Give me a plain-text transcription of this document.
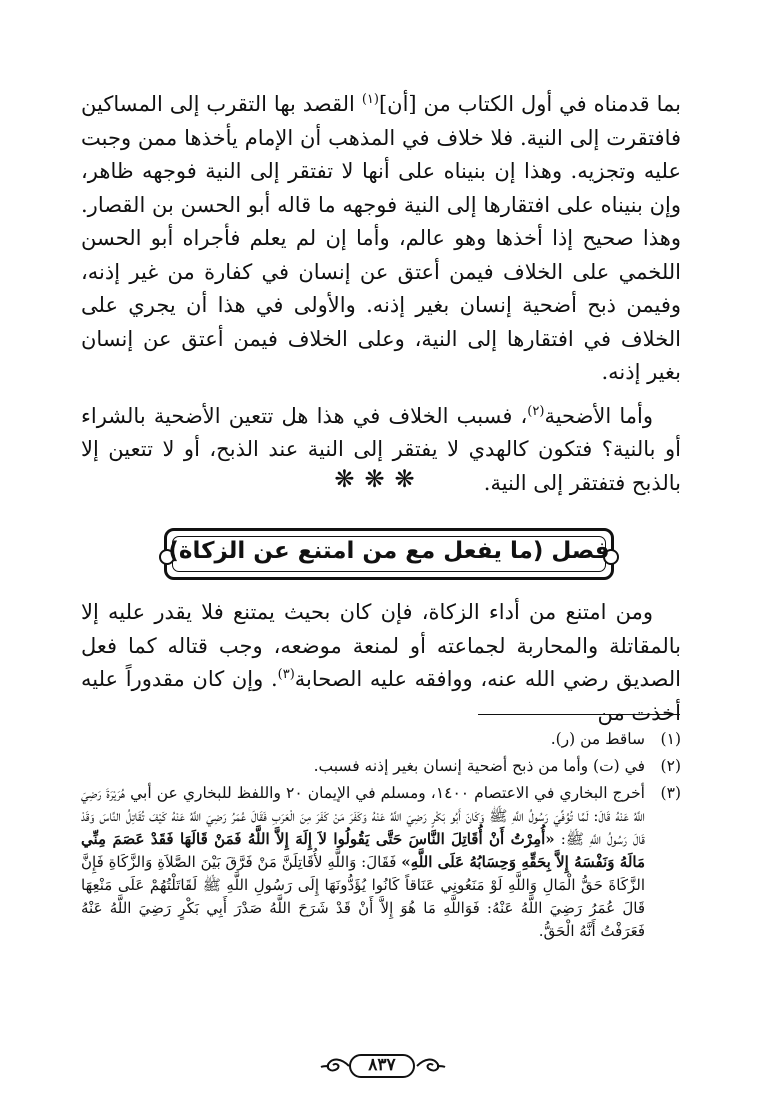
بما قدمناه في أول الكتاب من [أن]$^{(١)}$ القصد بها التقرب إلى المساكين فافتقرت إلى النية. فلا خلاف في المذهب أن الإمام يأخذها ممن وجبت عليه وتجزيه. وهذا إن بنيناه على أنها لا تفتقر إلى النية فوجهه ظاهر، وإن بنيناه على افتقارها إلى النية فوجهه ما قاله أبو الحسن بن القصار. وهذا صحيح إذا أخذها وهو عالم، وأما إن لم يعلم فأجراه أبو الحسن اللخمي على الخلاف فيمن أعتق عن إنسان في كفارة من غير إذنه، وفيمن ذبح أضحية إنسان بغير إذنه. والأولى في هذا أن يجري على الخلاف في افتقارها إلى النية، وعلى الخلاف فيمن أعتق عن إنسان بغير إذنه.

وأما الأضحية$^{(٢)}$، فسبب الخلاف في هذا هل تتعين الأضحية بالشراء أو بالنية؟ فتكون كالهدي لا يفتقر إلى النية عند الذبح، أو لا تتعين إلا بالذبح فتفتقر إلى النية.

❋❋❋
فصل (ما يفعل مع من امتنع عن الزكاة)

ومن امتنع من أداء الزكاة، فإن كان بحيث يمتنع فلا يقدر عليه إلا بالمقاتلة والمحاربة لجماعته أو لمنعة موضعه، وجب قتاله كما فعل الصديق رضي الله عنه، ووافقه عليه الصحابة$^{(٣)}$. وإن كان مقدوراً عليه أخذت من

(١)
ساقط من (ر).

(٢)
في (ت) وأما من ذبح أضحية إنسان بغير إذنه فسبب.

(٣)
أخرج البخاري في الاعتصام ١٤٠٠، ومسلم في الإيمان ٢٠ واللفظ للبخاري عن أبي هُرَيْرَةَ رَضِيَ اللَّهُ عَنْهُ قَالَ: لَمَّا تُوُفِّيَ رَسُولُ اللَّهِ ﷺ وَكَانَ أَبُو بَكْرٍ رَضِيَ اللَّهُ عَنْهُ وَكَفَرَ مَنْ كَفَرَ مِنَ الْعَرَبِ فَقَالَ عُمَرُ رَضِيَ اللَّهُ عَنْهُ كَيْفَ تُقَاتِلُ النَّاسَ وَقَدْ قَالَ رَسُولُ اللَّهِ ﷺ: «أُمِرْتُ أَنْ أُقَاتِلَ النَّاسَ حَتَّى يَقُولُوا لاَ إِلَهَ إِلاَّ اللَّهُ فَمَنْ قَالَهَا فَقَدْ عَصَمَ مِنِّي مَالَهُ وَنَفْسَهُ إِلاَّ بِحَقِّهِ وَحِسَابُهُ عَلَى اللَّهِ» فَقَالَ: وَاللَّهِ لأُقَاتِلَنَّ مَنْ فَرَّقَ بَيْنَ الصَّلاَةِ وَالزَّكَاةِ فَإِنَّ الزَّكَاةَ حَقُّ الْمَالِ وَاللَّهِ لَوْ مَنَعُونِي عَنَاقاً كَانُوا يُؤَدُّونَهَا إِلَى رَسُولِ اللَّهِ ﷺ لَقَاتَلْتُهُمْ عَلَى مَنْعِهَا قَالَ عُمَرُ رَضِيَ اللَّهُ عَنْهُ: فَوَاللَّهِ مَا هُوَ إِلاَّ أَنْ قَدْ شَرَحَ اللَّهُ صَدْرَ أَبِي بَكْرٍ رَضِيَ اللَّهُ عَنْهُ فَعَرَفْتُ أَنَّهُ الْحَقُّ.

٨٣٧
